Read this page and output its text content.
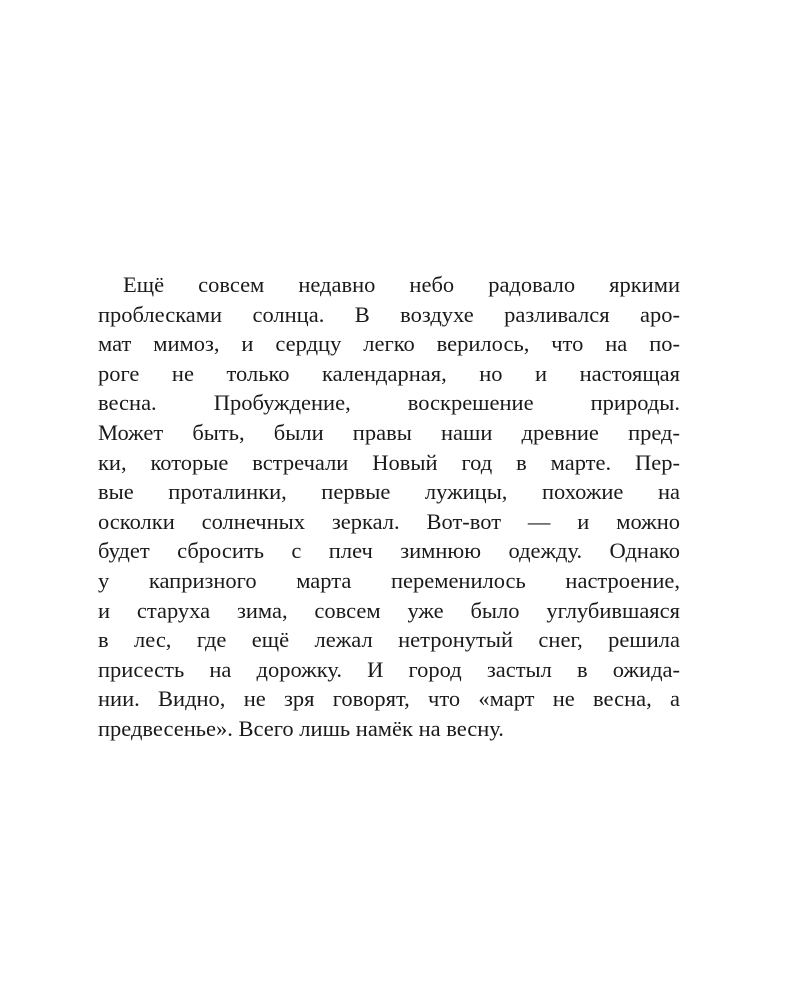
Ещё совсем недавно небо радовало яркими
проблесками солнца. В воздухе разливался аро-
мат мимоз, и сердцу легко верилось, что на по-
роге не только календарная, но и настоящая
весна. Пробуждение, воскрешение природы.
Может быть, были правы наши древние пред-
ки, которые встречали Новый год в марте. Пер-
вые проталинки, первые лужицы, похожие на
осколки солнечных зеркал. Вот-вот — и можно
будет сбросить с плеч зимнюю одежду. Однако
у капризного марта переменилось настроение,
и старуха зима, совсем уже было углубившаяся
в лес, где ещё лежал нетронутый снег, решила
присесть на дорожку. И город застыл в ожида-
нии. Видно, не зря говорят, что «март не весна, а
предвесенье». Всего лишь намёк на весну.
